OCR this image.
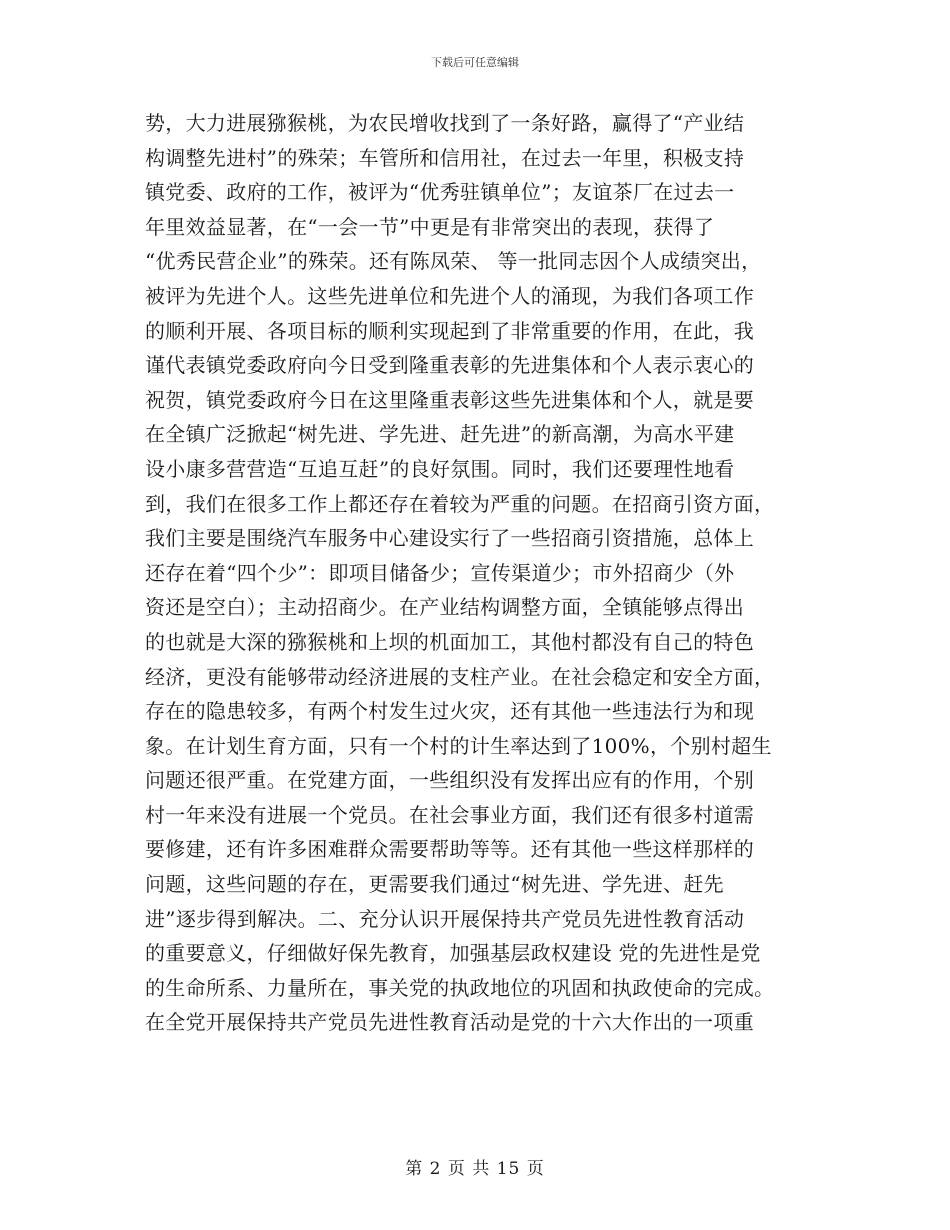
下载后可任意编辑
势，大力进展猕猴桃，为农民增收找到了一条好路，赢得了“产业结
构调整先进村”的殊荣；车管所和信用社，在过去一年里，积极支持
镇党委、政府的工作，被评为“优秀驻镇单位”；友谊茶厂在过去一
年里效益显著，在“一会一节”中更是有非常突出的表现，获得了
“优秀民营企业”的殊荣。还有陈凤荣、 等一批同志因个人成绩突出，
被评为先进个人。这些先进单位和先进个人的涌现，为我们各项工作
的顺利开展、各项目标的顺利实现起到了非常重要的作用，在此，我
谨代表镇党委政府向今日受到隆重表彰的先进集体和个人表示衷心的
祝贺，镇党委政府今日在这里隆重表彰这些先进集体和个人，就是要
在全镇广泛掀起“树先进、学先进、赶先进”的新高潮，为高水平建
设小康多营营造“互追互赶”的良好氛围。同时，我们还要理性地看
到，我们在很多工作上都还存在着较为严重的问题。在招商引资方面，
我们主要是围绕汽车服务中心建设实行了一些招商引资措施，总体上
还存在着“四个少”：即项目储备少；宣传渠道少；市外招商少（外
资还是空白）；主动招商少。在产业结构调整方面，全镇能够点得出
的也就是大深的猕猴桃和上坝的机面加工，其他村都没有自己的特色
经济，更没有能够带动经济进展的支柱产业。在社会稳定和安全方面，
存在的隐患较多，有两个村发生过火灾，还有其他一些违法行为和现
象。在计划生育方面，只有一个村的计生率达到了100%，个别村超生
问题还很严重。在党建方面，一些组织没有发挥出应有的作用，个别
村一年来没有进展一个党员。在社会事业方面，我们还有很多村道需
要修建，还有许多困难群众需要帮助等等。还有其他一些这样那样的
问题，这些问题的存在，更需要我们通过“树先进、学先进、赶先
进”逐步得到解决。二、充分认识开展保持共产党员先进性教育活动
的重要意义，仔细做好保先教育，加强基层政权建设 党的先进性是党
的生命所系、力量所在，事关党的执政地位的巩固和执政使命的完成。
在全党开展保持共产党员先进性教育活动是党的十六大作出的一项重
第 2 页 共 15 页
